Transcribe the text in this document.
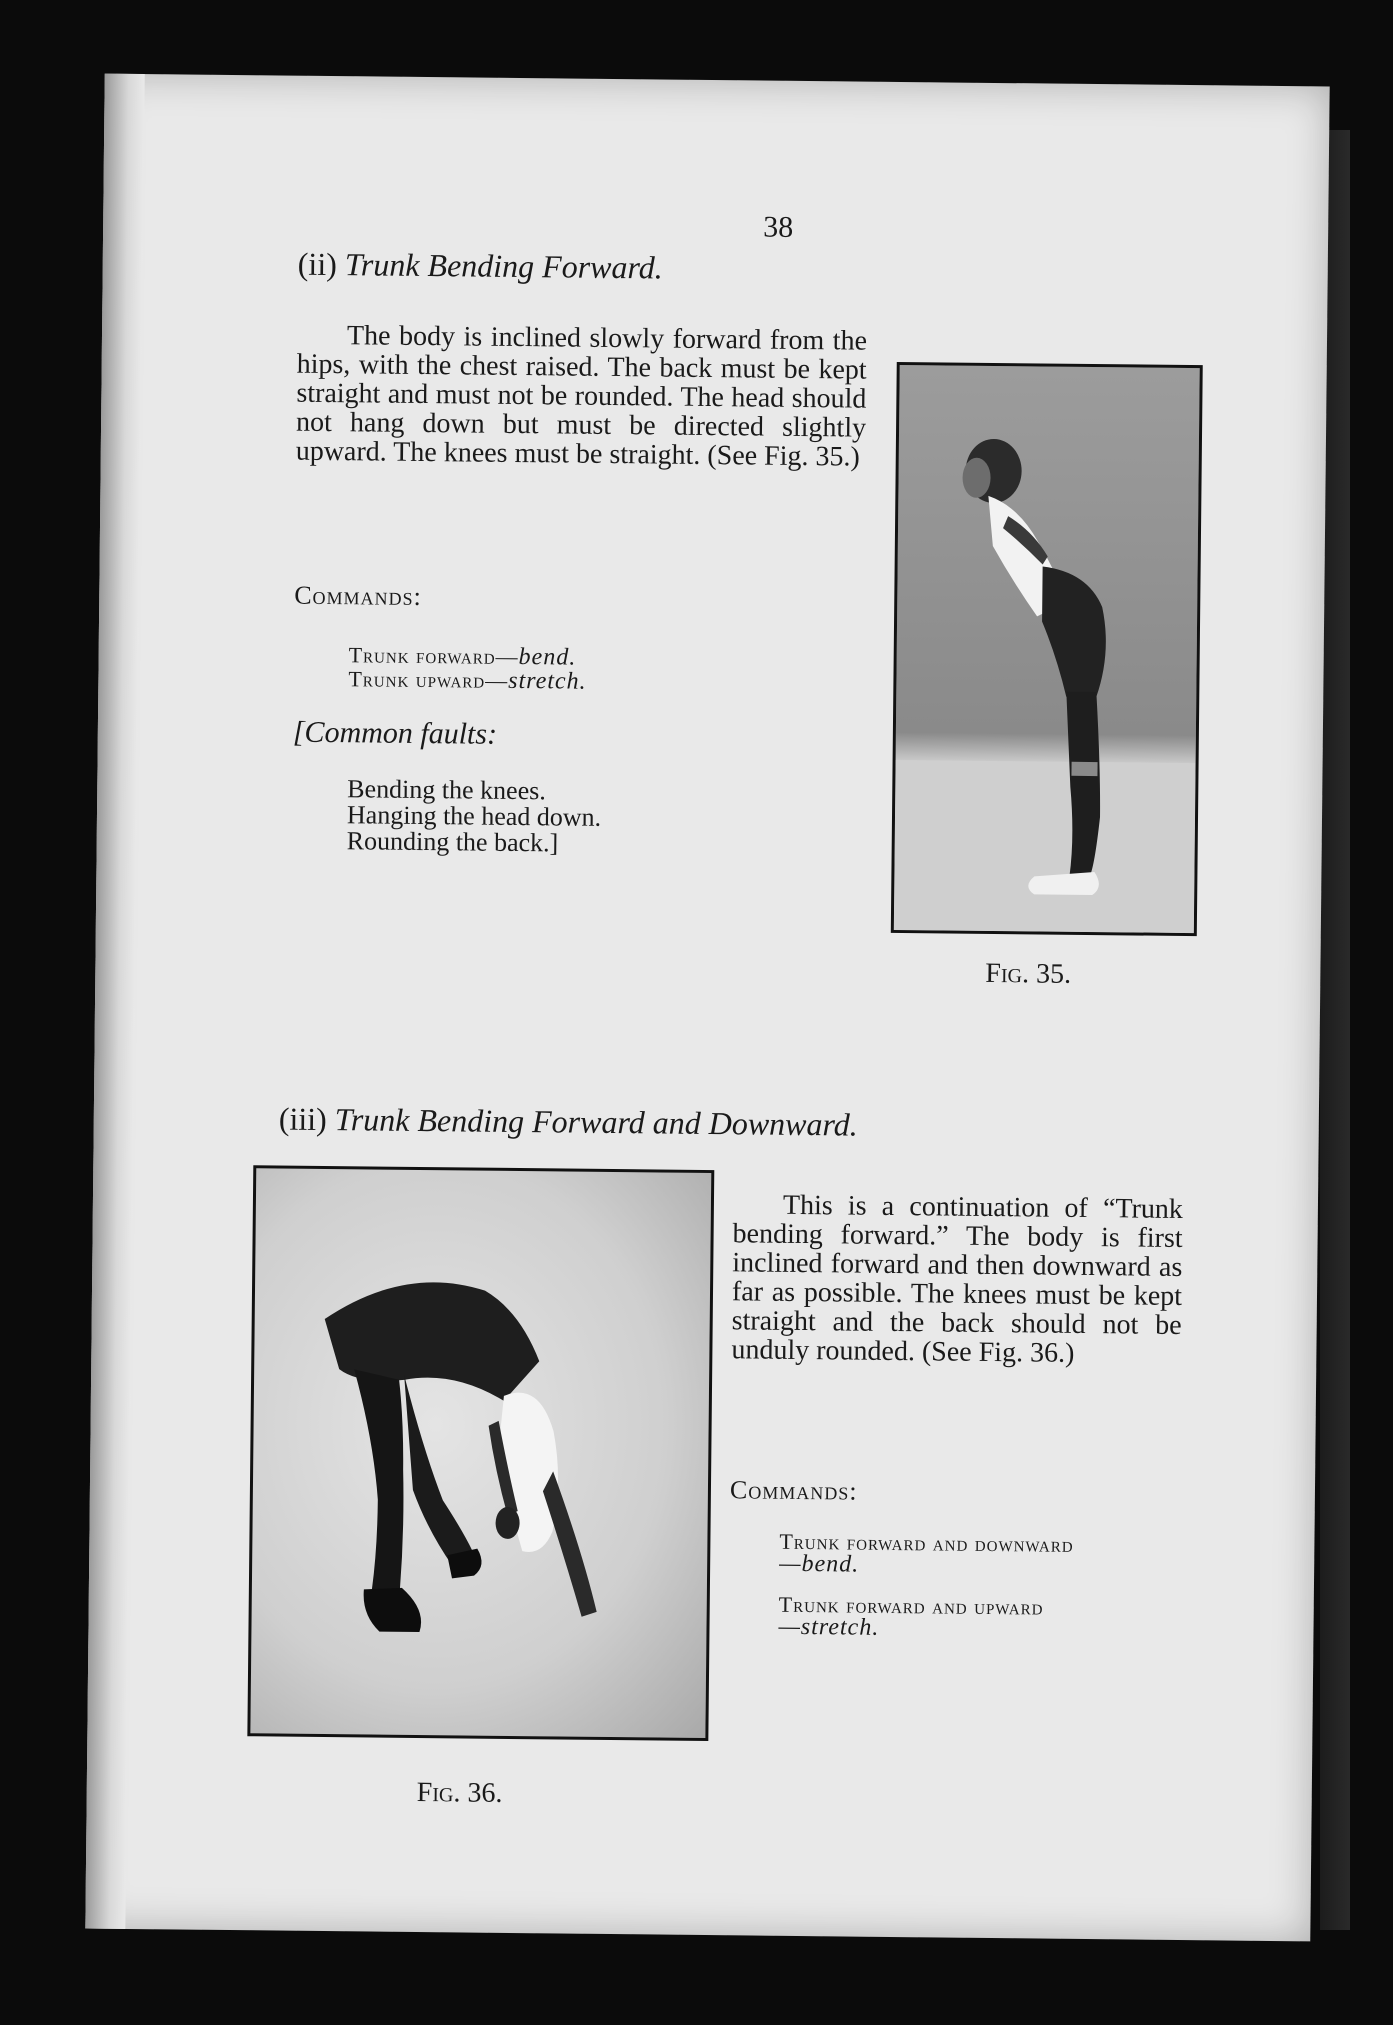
38
(ii) Trunk Bending Forward.
The body is inclined slowly forward from the hips, with the chest raised. The back must be kept straight and must not be rounded. The head should not hang down but must be directed slightly upward. The knees must be straight. (See Fig. 35.)
Commands:
Trunk forward—bend.
Trunk upward—stretch.
[Common faults:
Bending the knees.
Hanging the head down.
Rounding the back.]
Fig. 35.
(iii) Trunk Bending Forward and Downward.
Fig. 36.
This is a continuation of “Trunk bending forward.” The body is first inclined forward and then downward as far as possible. The knees must be kept straight and the back should not be unduly rounded. (See Fig. 36.)
Commands:
Trunk forward and downward
—bend.
Trunk forward and upward
—stretch.
